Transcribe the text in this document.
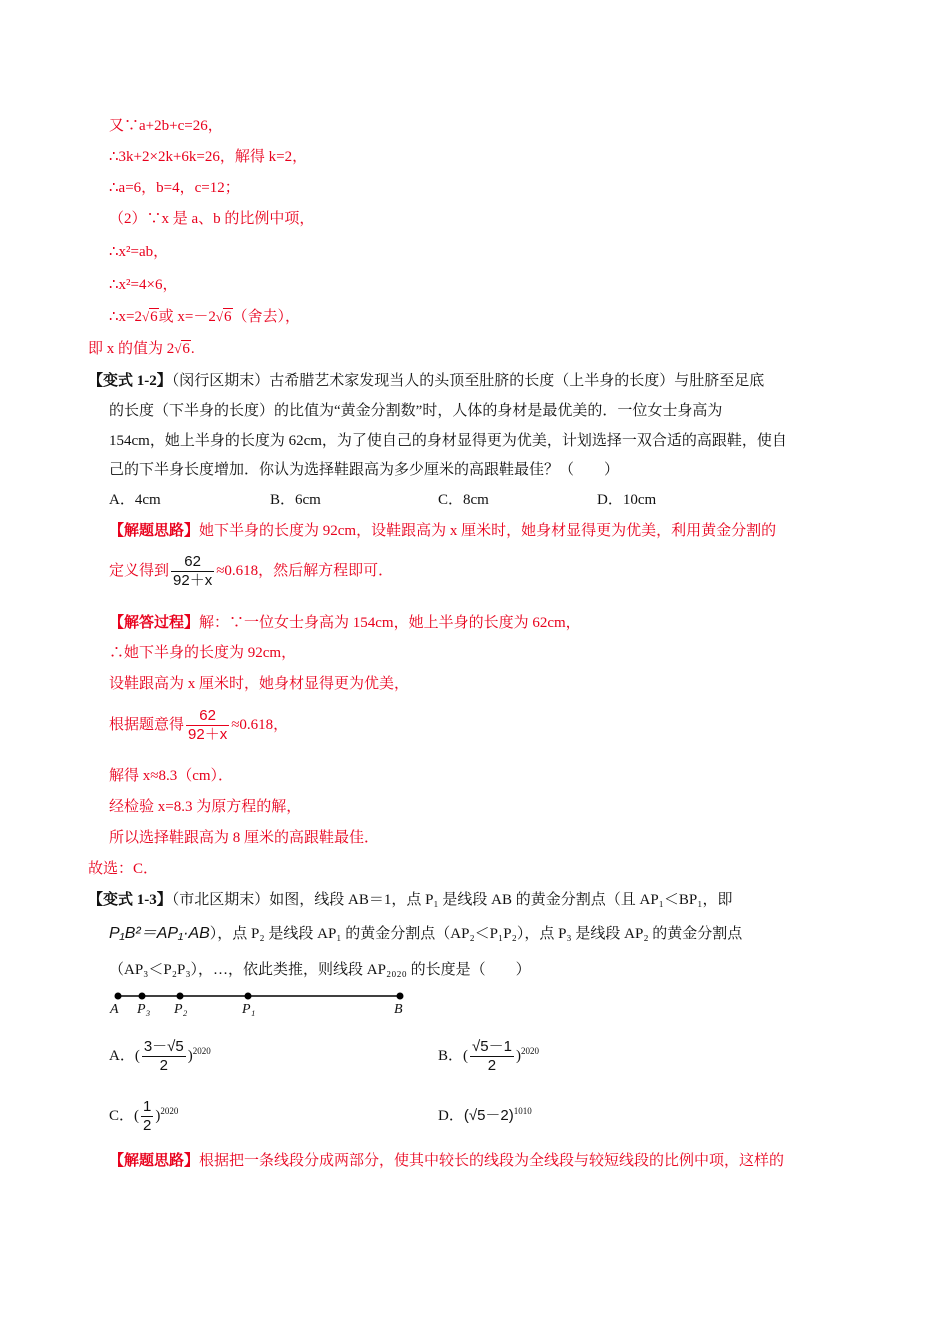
又∵a+2b+c=26，
∴3k+2×2k+6k=26，解得 k=2，
∴a=6，b=4，c=12；
（2）∵x 是 a、b 的比例中项，
∴x²=ab，
∴x²=4×6，
∴x=2√6或 x=－2√6（舍去），
即 x 的值为 2√6.
【变式 1-2】（闵行区期末）古希腊艺术家发现当人的头顶至肚脐的长度（上半身的长度）与肚脐至足底
的长度（下半身的长度）的比值为“黄金分割数”时，人体的身材是最优美的．一位女士身高为
154cm，她上半身的长度为 62cm，为了使自己的身材显得更为优美，计划选择一双合适的高跟鞋，使自
己的下半身长度增加．你认为选择鞋跟高为多少厘米的高跟鞋最佳？（　　）
A．4cm	B．6cm	C．8cm	D．10cm
【解题思路】她下半身的长度为 92cm，设鞋跟高为 x 厘米时，她身材显得更为优美，利用黄金分割的
定义得到 $\frac{62}{92+x} \approx 0.618$，然后解方程即可．
【解答过程】解：∵一位女士身高为 154cm，她上半身的长度为 62cm，
∴她下半身的长度为 92cm，
设鞋跟高为 x 厘米时，她身材显得更为优美，
根据题意得 $\frac{62}{92+x} \approx 0.618$，
解得 x≈8.3（cm）．
经检验 x=8.3 为原方程的解，
所以选择鞋跟高为 8 厘米的高跟鞋最佳．
故选：C．
【变式 1-3】（市北区期末）如图，线段 AB＝1，点 P₁ 是线段 AB 的黄金分割点（且 AP₁＜BP₁，即
P₁B²＝AP₁·AB），点 P₂ 是线段 AP₁ 的黄金分割点（AP₂＜P₁P₂），点 P₃ 是线段 AP₂ 的黄金分割点
（AP₃＜P₂P₃），…，依此类推，则线段 AP₂₀₂₀ 的长度是（　　）
A P₃ P₂	P₁	B
A．( $\frac{3-√5}{2} )^{2020}$	B．( $\frac{√5-1}{2} )^{2020}$
C．( $\frac{1}{2} )^{2020}$	D．$(√5-2)^{1010}$
【解题思路】根据把一条线段分成两部分，使其中较长的线段为全线段与较短线段的比例中项，这样的
